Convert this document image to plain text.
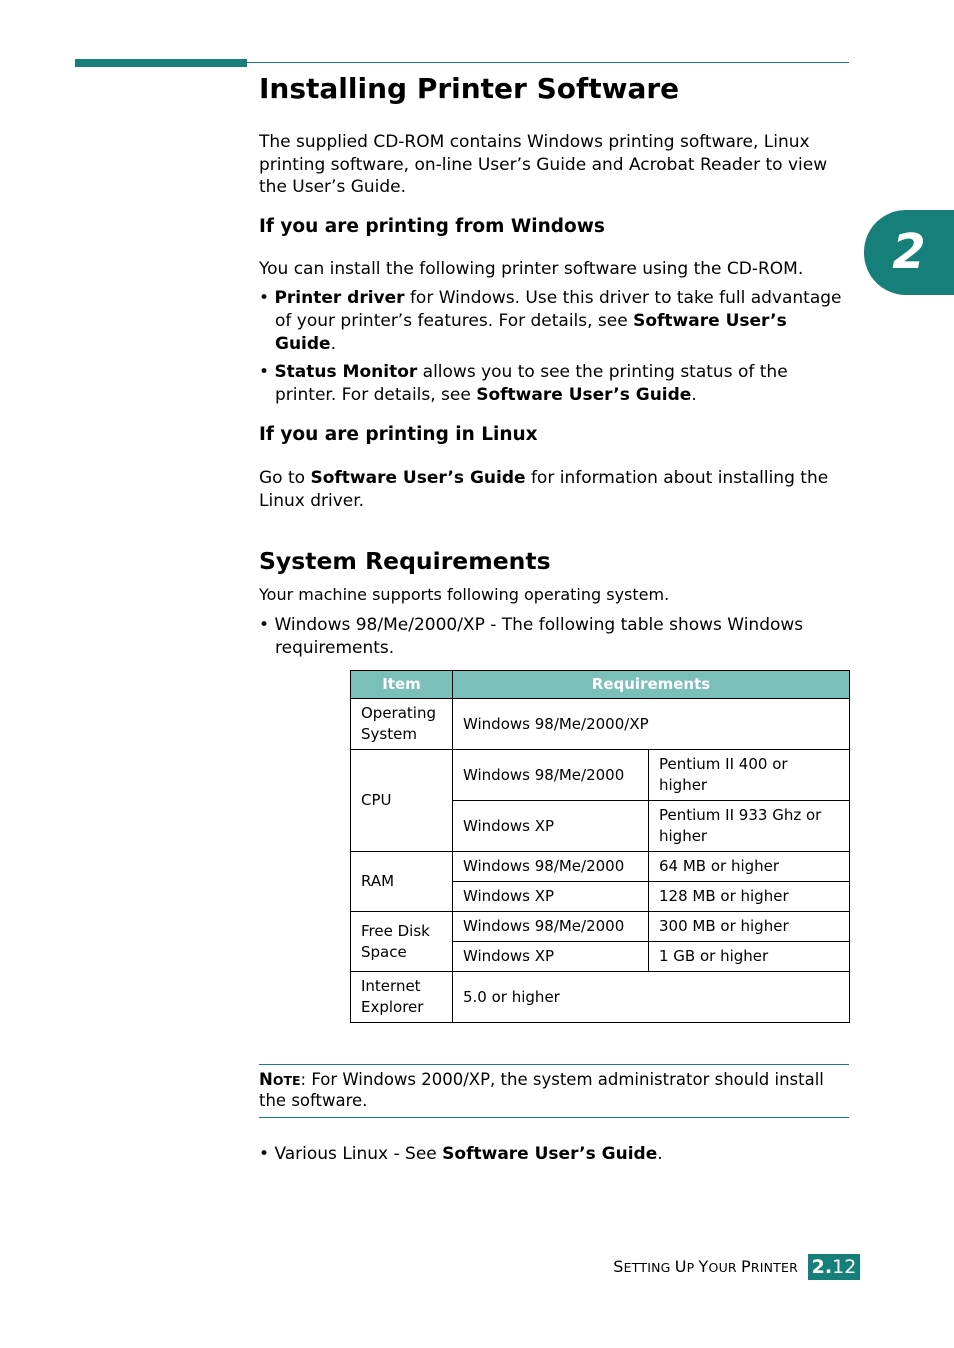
2
Installing Printer Software

The supplied CD-ROM contains Windows printing software, Linux printing software, on-line User’s Guide and Acrobat Reader to view the User’s Guide.

If you are printing from Windows

You can install the following printer software using the CD-ROM.

• Printer driver for Windows. Use this driver to take full advantage of your printer’s features. For details, see Software User’s Guide.
• Status Monitor allows you to see the printing status of the printer. For details, see Software User’s Guide.
If you are printing in Linux

Go to Software User’s Guide for information about installing the Linux driver.

System Requirements

Your machine supports following operating system.

• Windows 98/Me/2000/XP - The following table shows Windows requirements.
Item	Requirements	
Operating System	Windows 98/Me/2000/XP	
CPU	Windows 98/Me/2000	Pentium II 400 or higher
	Windows XP	Pentium II 933 Ghz or higher
RAM	Windows 98/Me/2000	64 MB or higher
	Windows XP	128 MB or higher
Free Disk Space	Windows 98/Me/2000	300 MB or higher
	Windows XP	1 GB or higher
Internet Explorer	5.0 or higher	
NOTE: For Windows 2000/XP, the system administrator should install the software.
• Various Linux - See Software User’s Guide.
SETTING UP YOUR PRINTER 2.12
